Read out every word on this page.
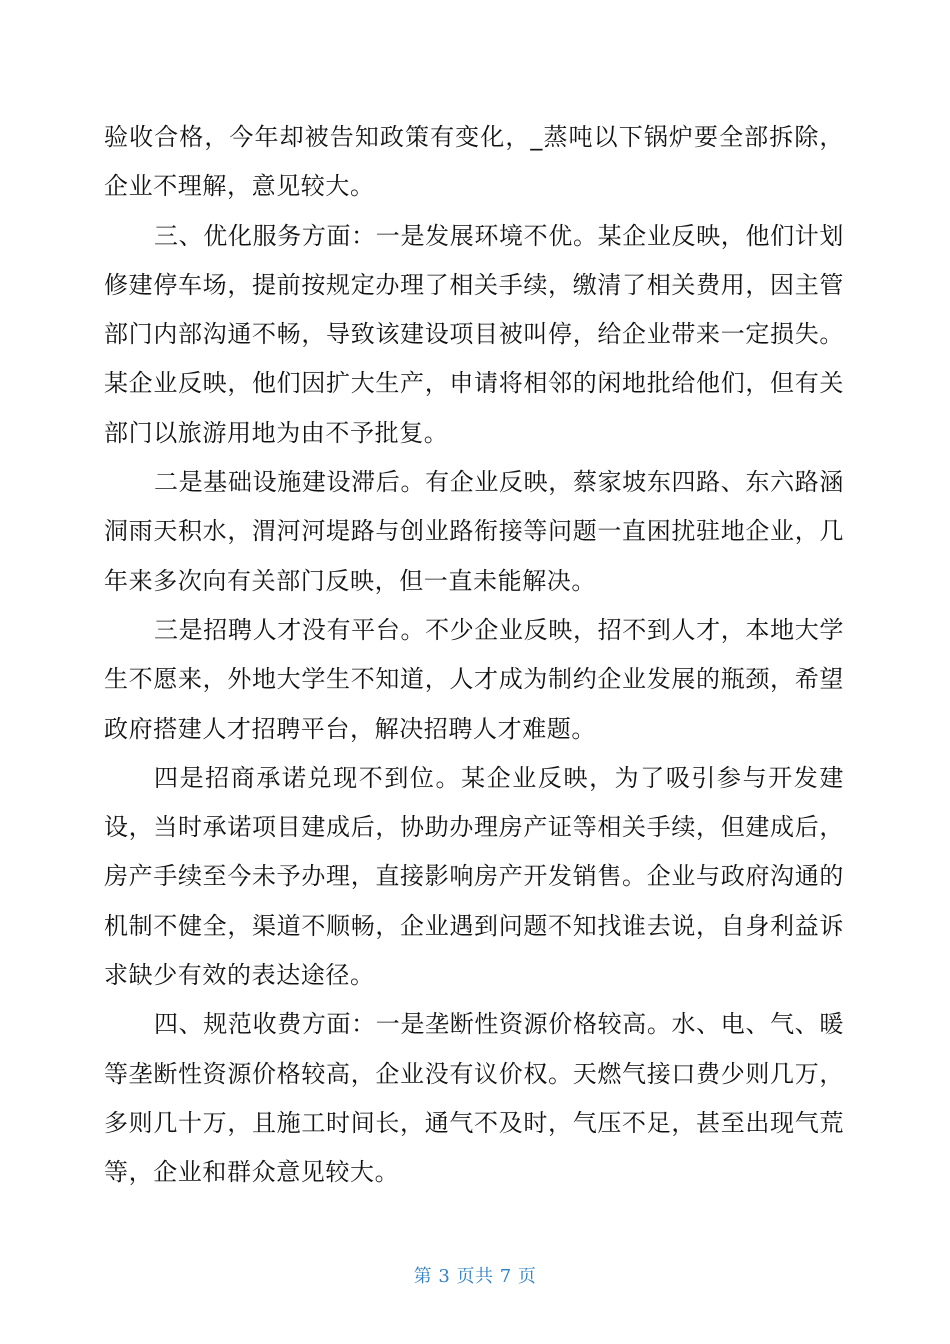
验收合格，今年却被告知政策有变化，_蒸吨以下锅炉要全部拆除，企业不理解，意见较大。

三、优化服务方面：一是发展环境不优。某企业反映，他们计划修建停车场，提前按规定办理了相关手续，缴清了相关费用，因主管部门内部沟通不畅，导致该建设项目被叫停，给企业带来一定损失。某企业反映，他们因扩大生产，申请将相邻的闲地批给他们，但有关部门以旅游用地为由不予批复。

二是基础设施建设滞后。有企业反映，蔡家坡东四路、东六路涵洞雨天积水，渭河河堤路与创业路衔接等问题一直困扰驻地企业，几年来多次向有关部门反映，但一直未能解决。

三是招聘人才没有平台。不少企业反映，招不到人才，本地大学生不愿来，外地大学生不知道，人才成为制约企业发展的瓶颈，希望政府搭建人才招聘平台，解决招聘人才难题。

四是招商承诺兑现不到位。某企业反映，为了吸引参与开发建设，当时承诺项目建成后，协助办理房产证等相关手续，但建成后，房产手续至今未予办理，直接影响房产开发销售。企业与政府沟通的机制不健全，渠道不顺畅，企业遇到问题不知找谁去说，自身利益诉求缺少有效的表达途径。

四、规范收费方面：一是垄断性资源价格较高。水、电、气、暖等垄断性资源价格较高，企业没有议价权。天燃气接口费少则几万，多则几十万，且施工时间长，通气不及时，气压不足，甚至出现气荒等，企业和群众意见较大。

第 3 页共 7 页
